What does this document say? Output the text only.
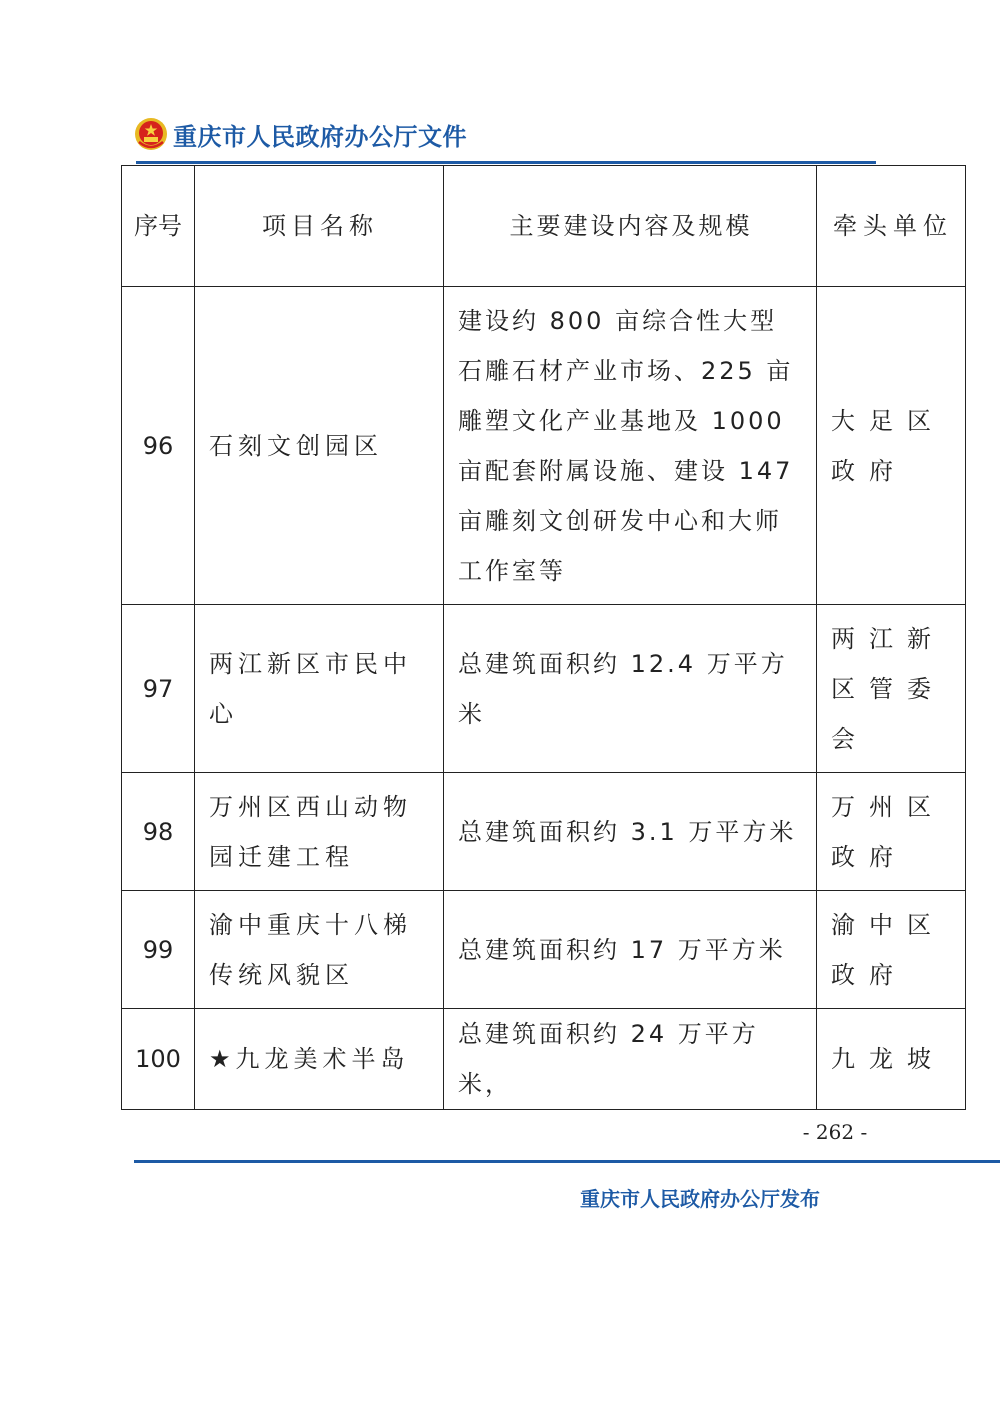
重庆市人民政府办公厅文件
序号	项目名称	主要建设内容及规模	牵头单位
96	石刻文创园区	建设约 800 亩综合性大型石雕石材产业市场、225 亩雕塑文化产业基地及 1000 亩配套附属设施、建设 147 亩雕刻文创研发中心和大师工作室等	大足区政府
97	两江新区市民中心	总建筑面积约 12.4 万平方米	两江新区管委会
98	万州区西山动物园迁建工程	总建筑面积约 3.1 万平方米	万州区政府
99	渝中重庆十八梯传统风貌区	总建筑面积约 17 万平方米	渝中区政府
100	★九龙美术半岛	总建筑面积约 24 万平方米，	九龙坡
- 262 -
重庆市人民政府办公厅发布
